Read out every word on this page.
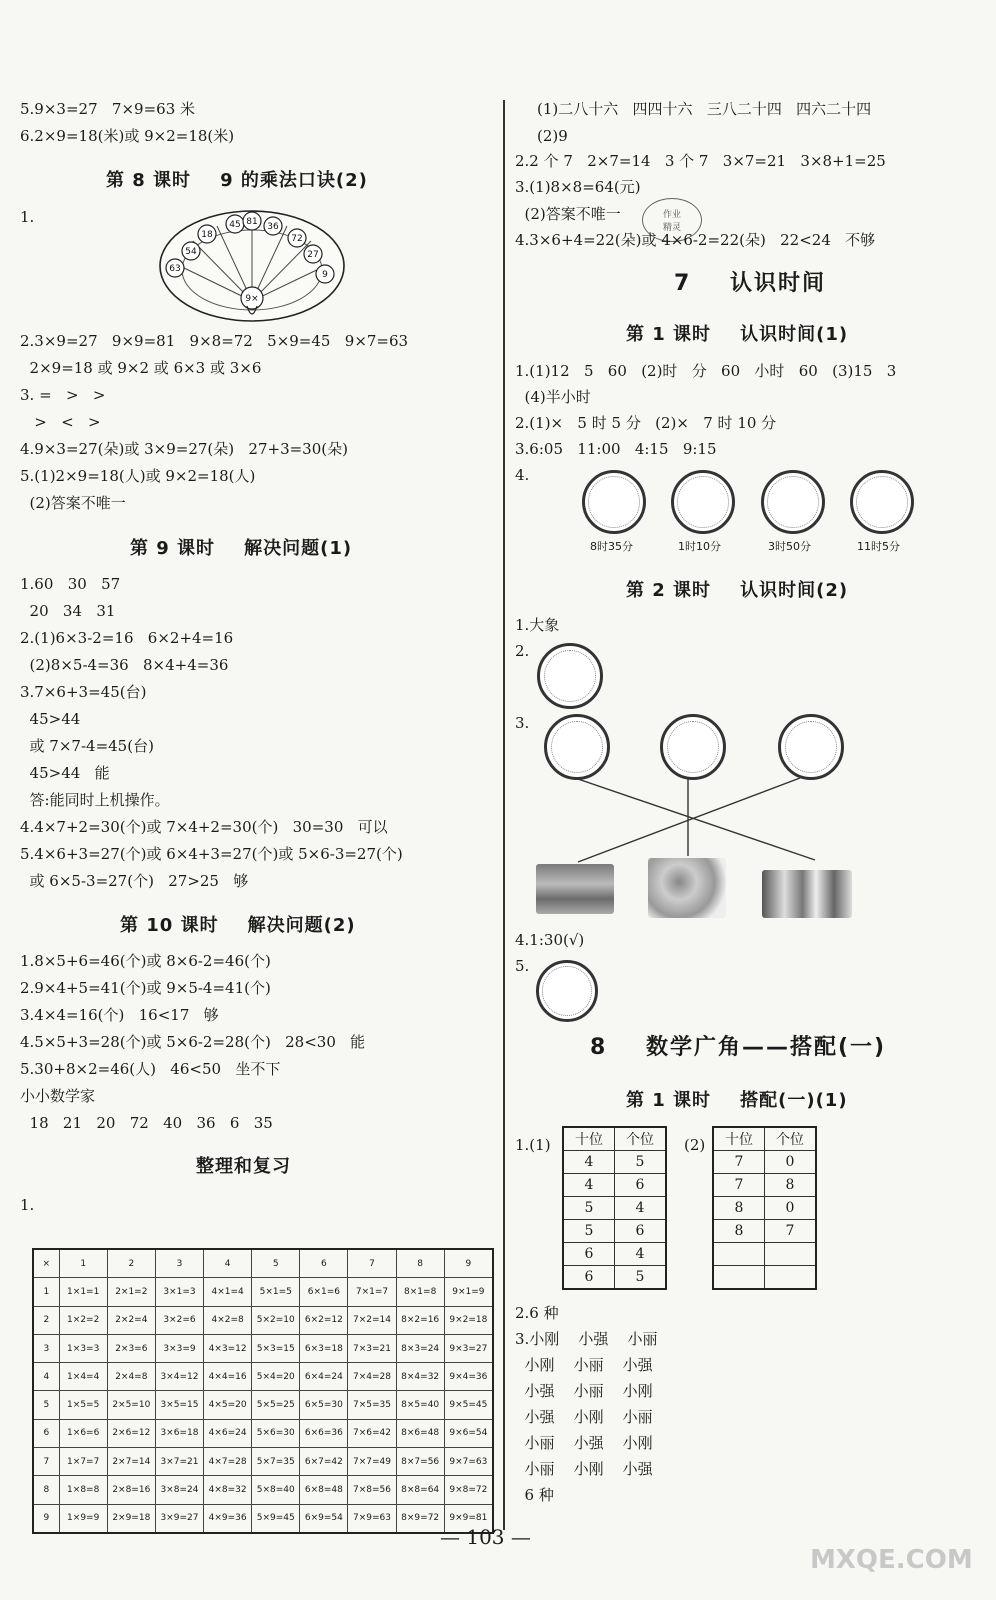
5.9×3=27   7×9=63 米
6.2×9=18(米)或 9×2=18(米)
第 8 课时    9 的乘法口诀(2)
1.	45 81 36
18	72
54	27
63
9
9×
2.3×9=27   9×9=81   9×8=72   5×9=45   9×7=63
2×9=18 或 9×2 或 6×3 或 3×6
3. =   >   >
>   <   >
4.9×3=27(朵)或 3×9=27(朵)   27+3=30(朵)
5.(1)2×9=18(人)或 9×2=18(人)
(2)答案不唯一
第 9 课时    解决问题(1)
1.60   30   57
20   34   31
2.(1)6×3-2=16   6×2+4=16
(2)8×5-4=36   8×4+4=36
3.7×6+3=45(台)
45>44
或 7×7-4=45(台)
45>44   能
答:能同时上机操作。
4.4×7+2=30(个)或 7×4+2=30(个)   30=30   可以
5.4×6+3=27(个)或 6×4+3=27(个)或 5×6-3=27(个)
或 6×5-3=27(个)   27>25   够
第 10 课时    解决问题(2)
1.8×5+6=46(个)或 8×6-2=46(个)
2.9×4+5=41(个)或 9×5-4=41(个)
3.4×4=16(个)   16<17   够
4.5×5+3=28(个)或 5×6-2=28(个)   28<30   能
5.30+8×2=46(人)   46<50   坐不下
小小数学家
18   21   20   72   40   36   6   35
整理和复习
1.
×	1	2	3	4	5	6	7	8	9
1	1×1=1	2×1=2	3×1=3	4×1=4	5×1=5	6×1=6	7×1=7	8×1=8	9×1=9
2	1×2=2	2×2=4	3×2=6	4×2=8	5×2=10	6×2=12	7×2=14	8×2=16	9×2=18
3	1×3=3	2×3=6	3×3=9	4×3=12	5×3=15	6×3=18	7×3=21	8×3=24	9×3=27
4	1×4=4	2×4=8	3×4=12	4×4=16	5×4=20	6×4=24	7×4=28	8×4=32	9×4=36
5	1×5=5	2×5=10	3×5=15	4×5=20	5×5=25	6×5=30	7×5=35	8×5=40	9×5=45
6	1×6=6	2×6=12	3×6=18	4×6=24	5×6=30	6×6=36	7×6=42	8×6=48	9×6=54
7	1×7=7	2×7=14	3×7=21	4×7=28	5×7=35	6×7=42	7×7=49	8×7=56	9×7=63
8	1×8=8	2×8=16	3×8=24	4×8=32	5×8=40	6×8=48	7×8=56	8×8=64	9×8=72
9	1×9=9	2×9=18	3×9=27	4×9=36	5×9=45	6×9=54	7×9=63	8×9=72	9×9=81
(1)二八十六   四四十六   三八二十四   四六二十四
(2)9
2.2 个 7   2×7=14   3 个 7   3×7=21   3×8+1=25
3.(1)8×8=64(元)
(2)答案不唯一	作业
精灵
4.3×6+4=22(朵)或 4×6-2=22(朵)   22<24   不够
7    认识时间
第 1 课时    认识时间(1)
1.(1)12   5   60   (2)时   分   60   小时   60   (3)15   3
(4)半小时
2.(1)×   5 时 5 分   (2)×   7 时 10 分
3.6:05   11:00   4:15   9:15
4.
8时35分	1时10分	3时50分	11时5分
第 2 课时    认识时间(2)
1.大象
2.
3.
4.1:30(√)
5.
8    数学广角——搭配(一)
第 1 课时    搭配(一)(1)
1.(1) 十位	个位
4	5
4	6
5	4
5	6
6	4
6	5
(2) 十位	个位
7	0
7	8
8	0
8	7

2.6 种
3.小刚    小强    小丽
小刚    小丽    小强
小强    小丽    小刚
小强    小刚    小丽
小丽    小强    小刚
小丽    小刚    小强
6 种
MXQE.COM
— 103 —
